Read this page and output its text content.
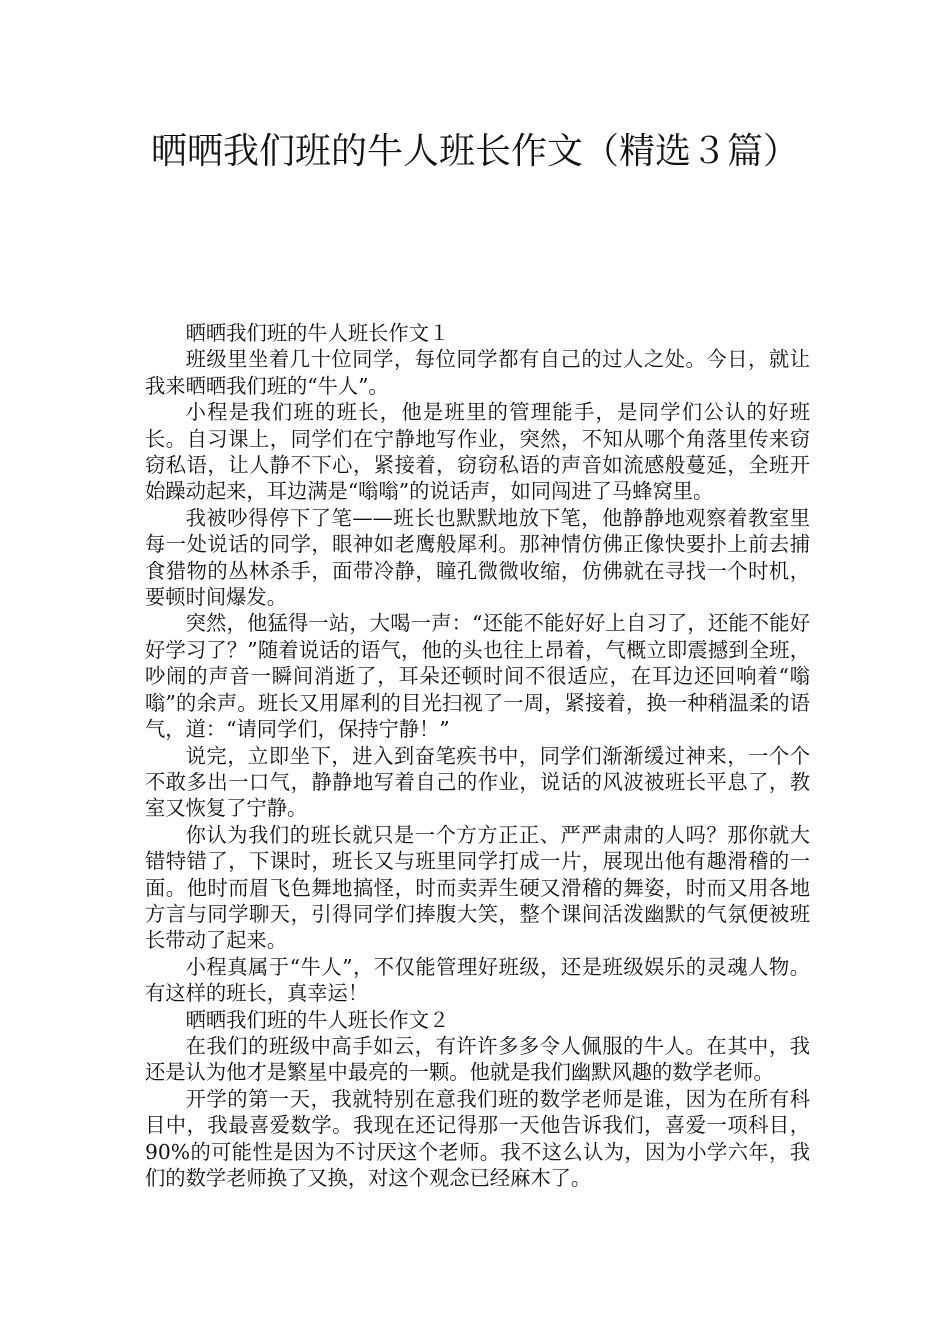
晒晒我们班的牛人班长作文（精选３篇）

晒晒我们班的牛人班长作文１

班级里坐着几十位同学，每位同学都有自己的过人之处。今日，就让我来晒晒我们班的“牛人”。

小程是我们班的班长，他是班里的管理能手，是同学们公认的好班长。自习课上，同学们在宁静地写作业，突然，不知从哪个角落里传来窃窃私语，让人静不下心，紧接着，窃窃私语的声音如流感般蔓延，全班开始躁动起来，耳边满是“嗡嗡”的说话声，如同闯进了马蜂窝里。

我被吵得停下了笔——班长也默默地放下笔，他静静地观察着教室里每一处说话的同学，眼神如老鹰般犀利。那神情仿佛正像快要扑上前去捕食猎物的丛林杀手，面带冷静，瞳孔微微收缩，仿佛就在寻找一个时机，要顿时间爆发。

突然，他猛得一站，大喝一声：“还能不能好好上自习了，还能不能好好学习了？”随着说话的语气，他的头也往上昂着，气概立即震撼到全班，吵闹的声音一瞬间消逝了，耳朵还顿时间不很适应，在耳边还回响着“嗡嗡”的余声。班长又用犀利的目光扫视了一周，紧接着，换一种稍温柔的语气，道：“请同学们，保持宁静！”

说完，立即坐下，进入到奋笔疾书中，同学们渐渐缓过神来，一个个不敢多出一口气，静静地写着自己的作业，说话的风波被班长平息了，教室又恢复了宁静。

你认为我们的班长就只是一个方方正正、严严肃肃的人吗？那你就大错特错了，下课时，班长又与班里同学打成一片，展现出他有趣滑稽的一面。他时而眉飞色舞地搞怪，时而卖弄生硬又滑稽的舞姿，时而又用各地方言与同学聊天，引得同学们捧腹大笑，整个课间活泼幽默的气氛便被班长带动了起来。

小程真属于“牛人”，不仅能管理好班级，还是班级娱乐的灵魂人物。有这样的班长，真幸运！

晒晒我们班的牛人班长作文２

在我们的班级中高手如云，有许许多多令人佩服的牛人。在其中，我还是认为他才是繁星中最亮的一颗。他就是我们幽默风趣的数学老师。

开学的第一天，我就特别在意我们班的数学老师是谁，因为在所有科目中，我最喜爱数学。我现在还记得那一天他告诉我们，喜爱一项科目，90%的可能性是因为不讨厌这个老师。我不这么认为，因为小学六年，我们的数学老师换了又换，对这个观念已经麻木了。
